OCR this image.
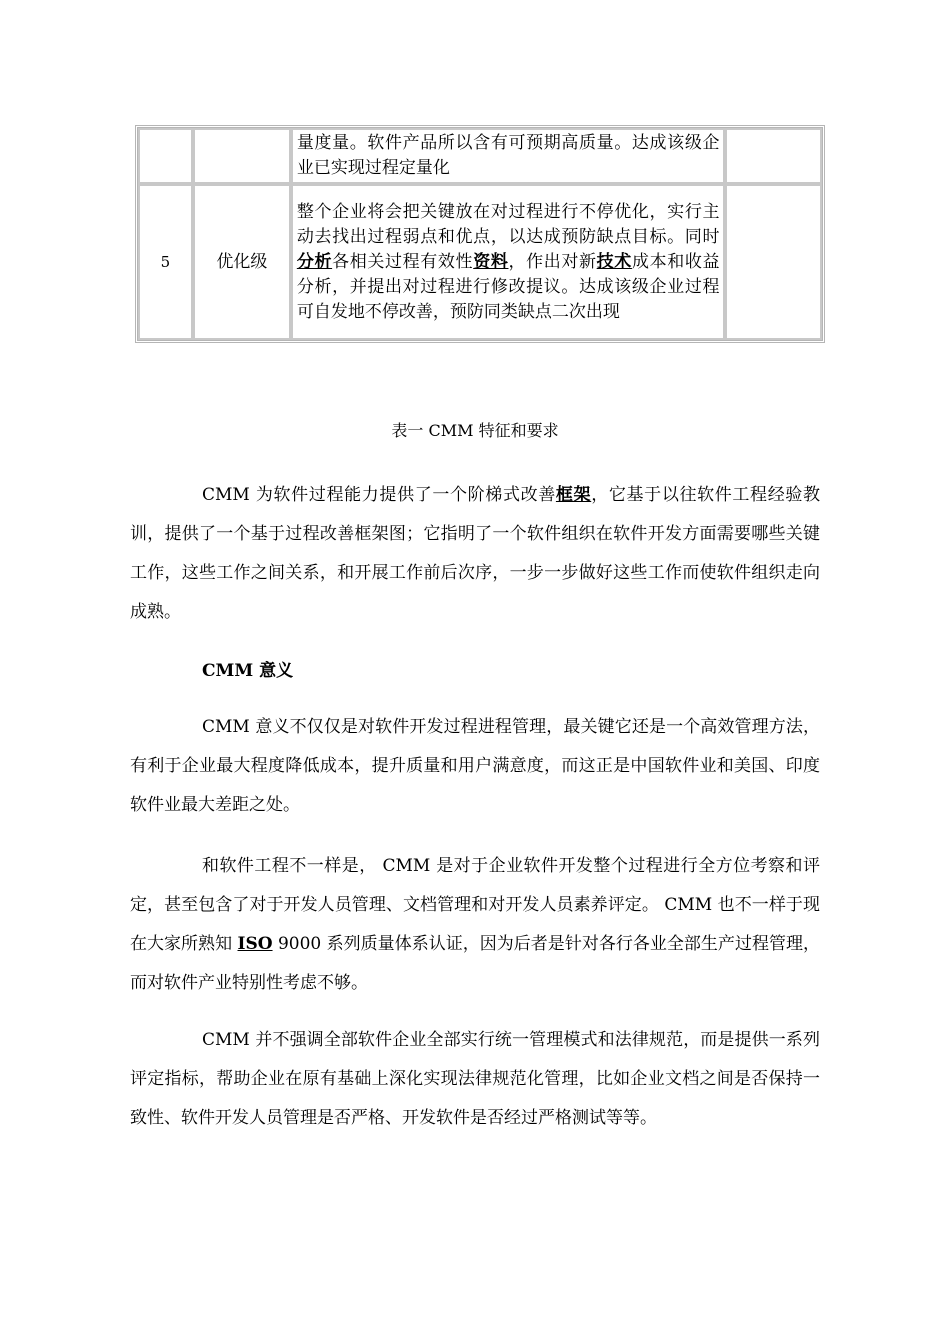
		量度量。软件产品所以含有可预期高质量。达成该级企业已实现过程定量化	
5	优化级	整个企业将会把关键放在对过程进行不停优化，实行主动去找出过程弱点和优点，以达成预防缺点目标。同时分析各相关过程有效性资料，作出对新技术成本和收益分析，并提出对过程进行修改提议。达成该级企业过程可自发地不停改善，预防同类缺点二次出现	
表一 CMM 特征和要求

CMM 为软件过程能力提供了一个阶梯式改善框架，它基于以往软件工程经验教训，提供了一个基于过程改善框架图；它指明了一个软件组织在软件开发方面需要哪些关键工作，这些工作之间关系，和开展工作前后次序，一步一步做好这些工作而使软件组织走向成熟。

CMM 意义

CMM 意义不仅仅是对软件开发过程进程管理，最关键它还是一个高效管理方法，有利于企业最大程度降低成本，提升质量和用户满意度，而这正是中国软件业和美国、印度软件业最大差距之处。

和软件工程不一样是， CMM 是对于企业软件开发整个过程进行全方位考察和评定，甚至包含了对于开发人员管理、文档管理和对开发人员素养评定。 CMM 也不一样于现在大家所熟知 ISO 9000 系列质量体系认证，因为后者是针对各行各业全部生产过程管理，而对软件产业特别性考虑不够。

CMM 并不强调全部软件企业全部实行统一管理模式和法律规范，而是提供一系列评定指标，帮助企业在原有基础上深化实现法律规范化管理，比如企业文档之间是否保持一致性、软件开发人员管理是否严格、开发软件是否经过严格测试等等。
